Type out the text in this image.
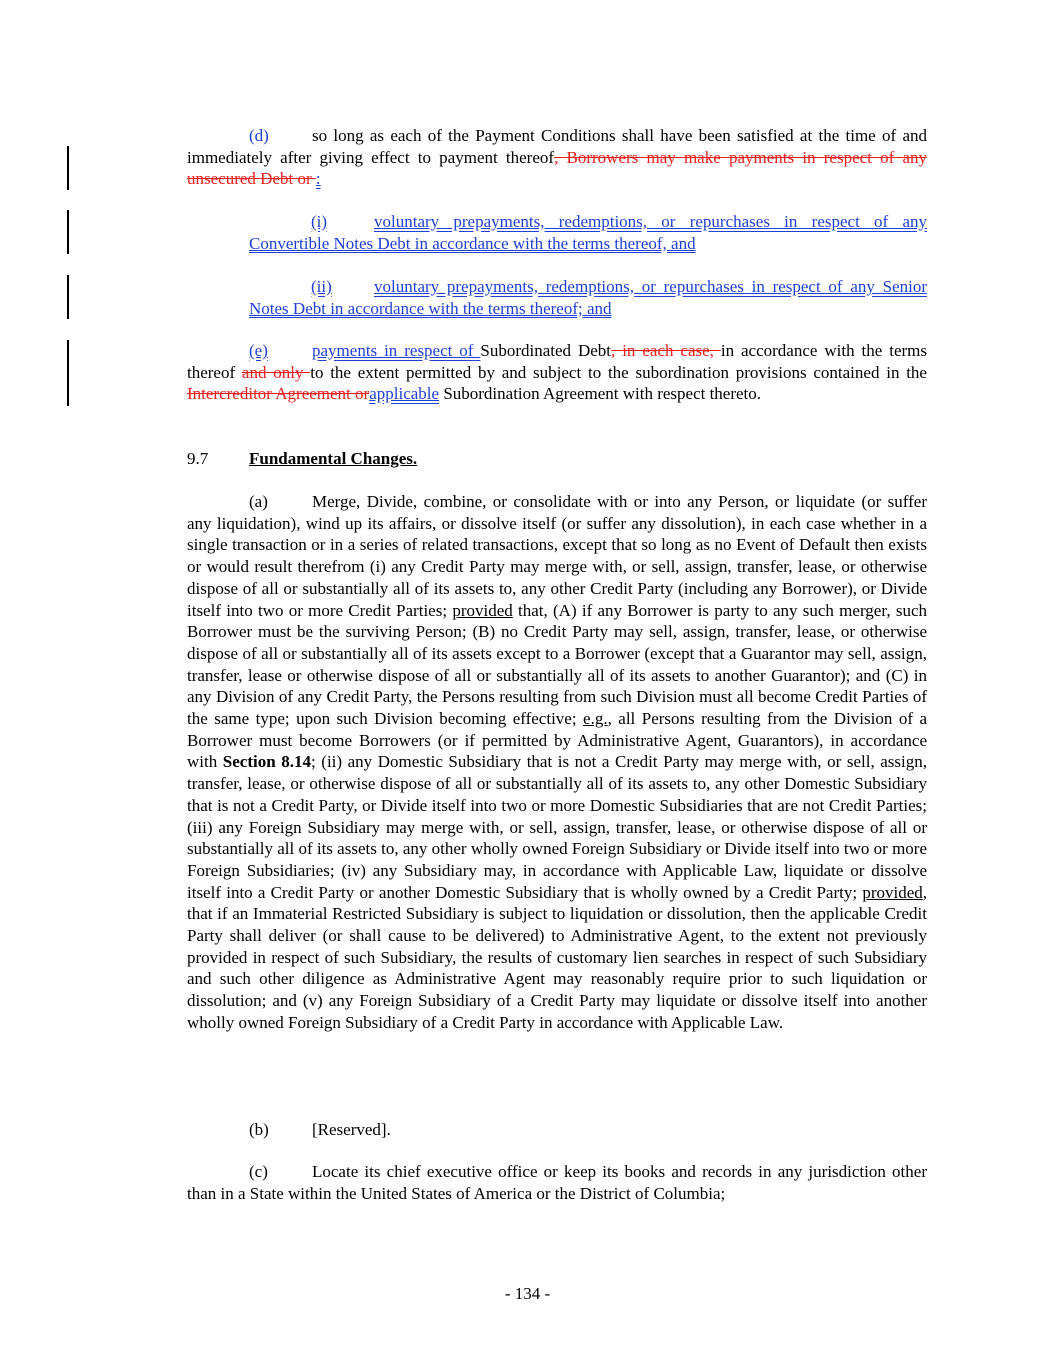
(d)	so long as each of the Payment Conditions shall have been satisfied at the time of and immediately after giving effect to payment thereof, Borrowers may make payments in respect of any unsecured Debt or :

(i)	voluntary prepayments, redemptions, or repurchases in respect of any Convertible Notes Debt in accordance with the terms thereof, and

(ii) voluntary prepayments, redemptions, or repurchases in respect of any Senior Notes Debt in accordance with the terms thereof; and

(e)	payments in respect of Subordinated Debt, in each case, in accordance with the terms thereof and only to the extent permitted by and subject to the subordination provisions contained in the Intercreditor Agreement orapplicable Subordination Agreement with respect thereto.

9.7 Fundamental Changes.

(a)	Merge, Divide, combine, or consolidate with or into any Person, or liquidate (or suffer any liquidation), wind up its affairs, or dissolve itself (or suffer any dissolution), in each case whether in a single transaction or in a series of related transactions, except that so long as no Event of Default then exists or would result therefrom (i) any Credit Party may merge with, or sell, assign, transfer, lease, or otherwise dispose of all or substantially all of its assets to, any other Credit Party (including any Borrower), or Divide itself into two or more Credit Parties; provided that, (A) if any Borrower is party to any such merger, such Borrower must be the surviving Person; (B) no Credit Party may sell, assign, transfer, lease, or otherwise dispose of all or substantially all of its assets except to a Borrower (except that a Guarantor may sell, assign, transfer, lease or otherwise dispose of all or substantially all of its assets to another Guarantor); and (C) in any Division of any Credit Party, the Persons resulting from such Division must all become Credit Parties of the same type; upon such Division becoming effective; e.g., all Persons resulting from the Division of a Borrower must become Borrowers (or if permitted by Administrative Agent, Guarantors), in accordance with Section 8.14; (ii) any Domestic Subsidiary that is not a Credit Party may merge with, or sell, assign, transfer, lease, or otherwise dispose of all or substantially all of its assets to, any other Domestic Subsidiary that is not a Credit Party, or Divide itself into two or more Domestic Subsidiaries that are not Credit Parties; (iii) any Foreign Subsidiary may merge with, or sell, assign, transfer, lease, or otherwise dispose of all or substantially all of its assets to, any other wholly owned Foreign Subsidiary or Divide itself into two or more Foreign Subsidiaries; (iv) any Subsidiary may, in accordance with Applicable Law, liquidate or dissolve itself into a Credit Party or another Domestic Subsidiary that is wholly owned by a Credit Party; provided, that if an Immaterial Restricted Subsidiary is subject to liquidation or dissolution, then the applicable Credit Party shall deliver (or shall cause to be delivered) to Administrative Agent, to the extent not previously provided in respect of such Subsidiary, the results of customary lien searches in respect of such Subsidiary and such other diligence as Administrative Agent may reasonably require prior to such liquidation or dissolution; and (v) any Foreign Subsidiary of a Credit Party may liquidate or dissolve itself into another wholly owned Foreign Subsidiary of a Credit Party in accordance with Applicable Law.

(b)	[Reserved].

(c)	Locate its chief executive office or keep its books and records in any jurisdiction other than in a State within the United States of America or the District of Columbia;

- 134 -
